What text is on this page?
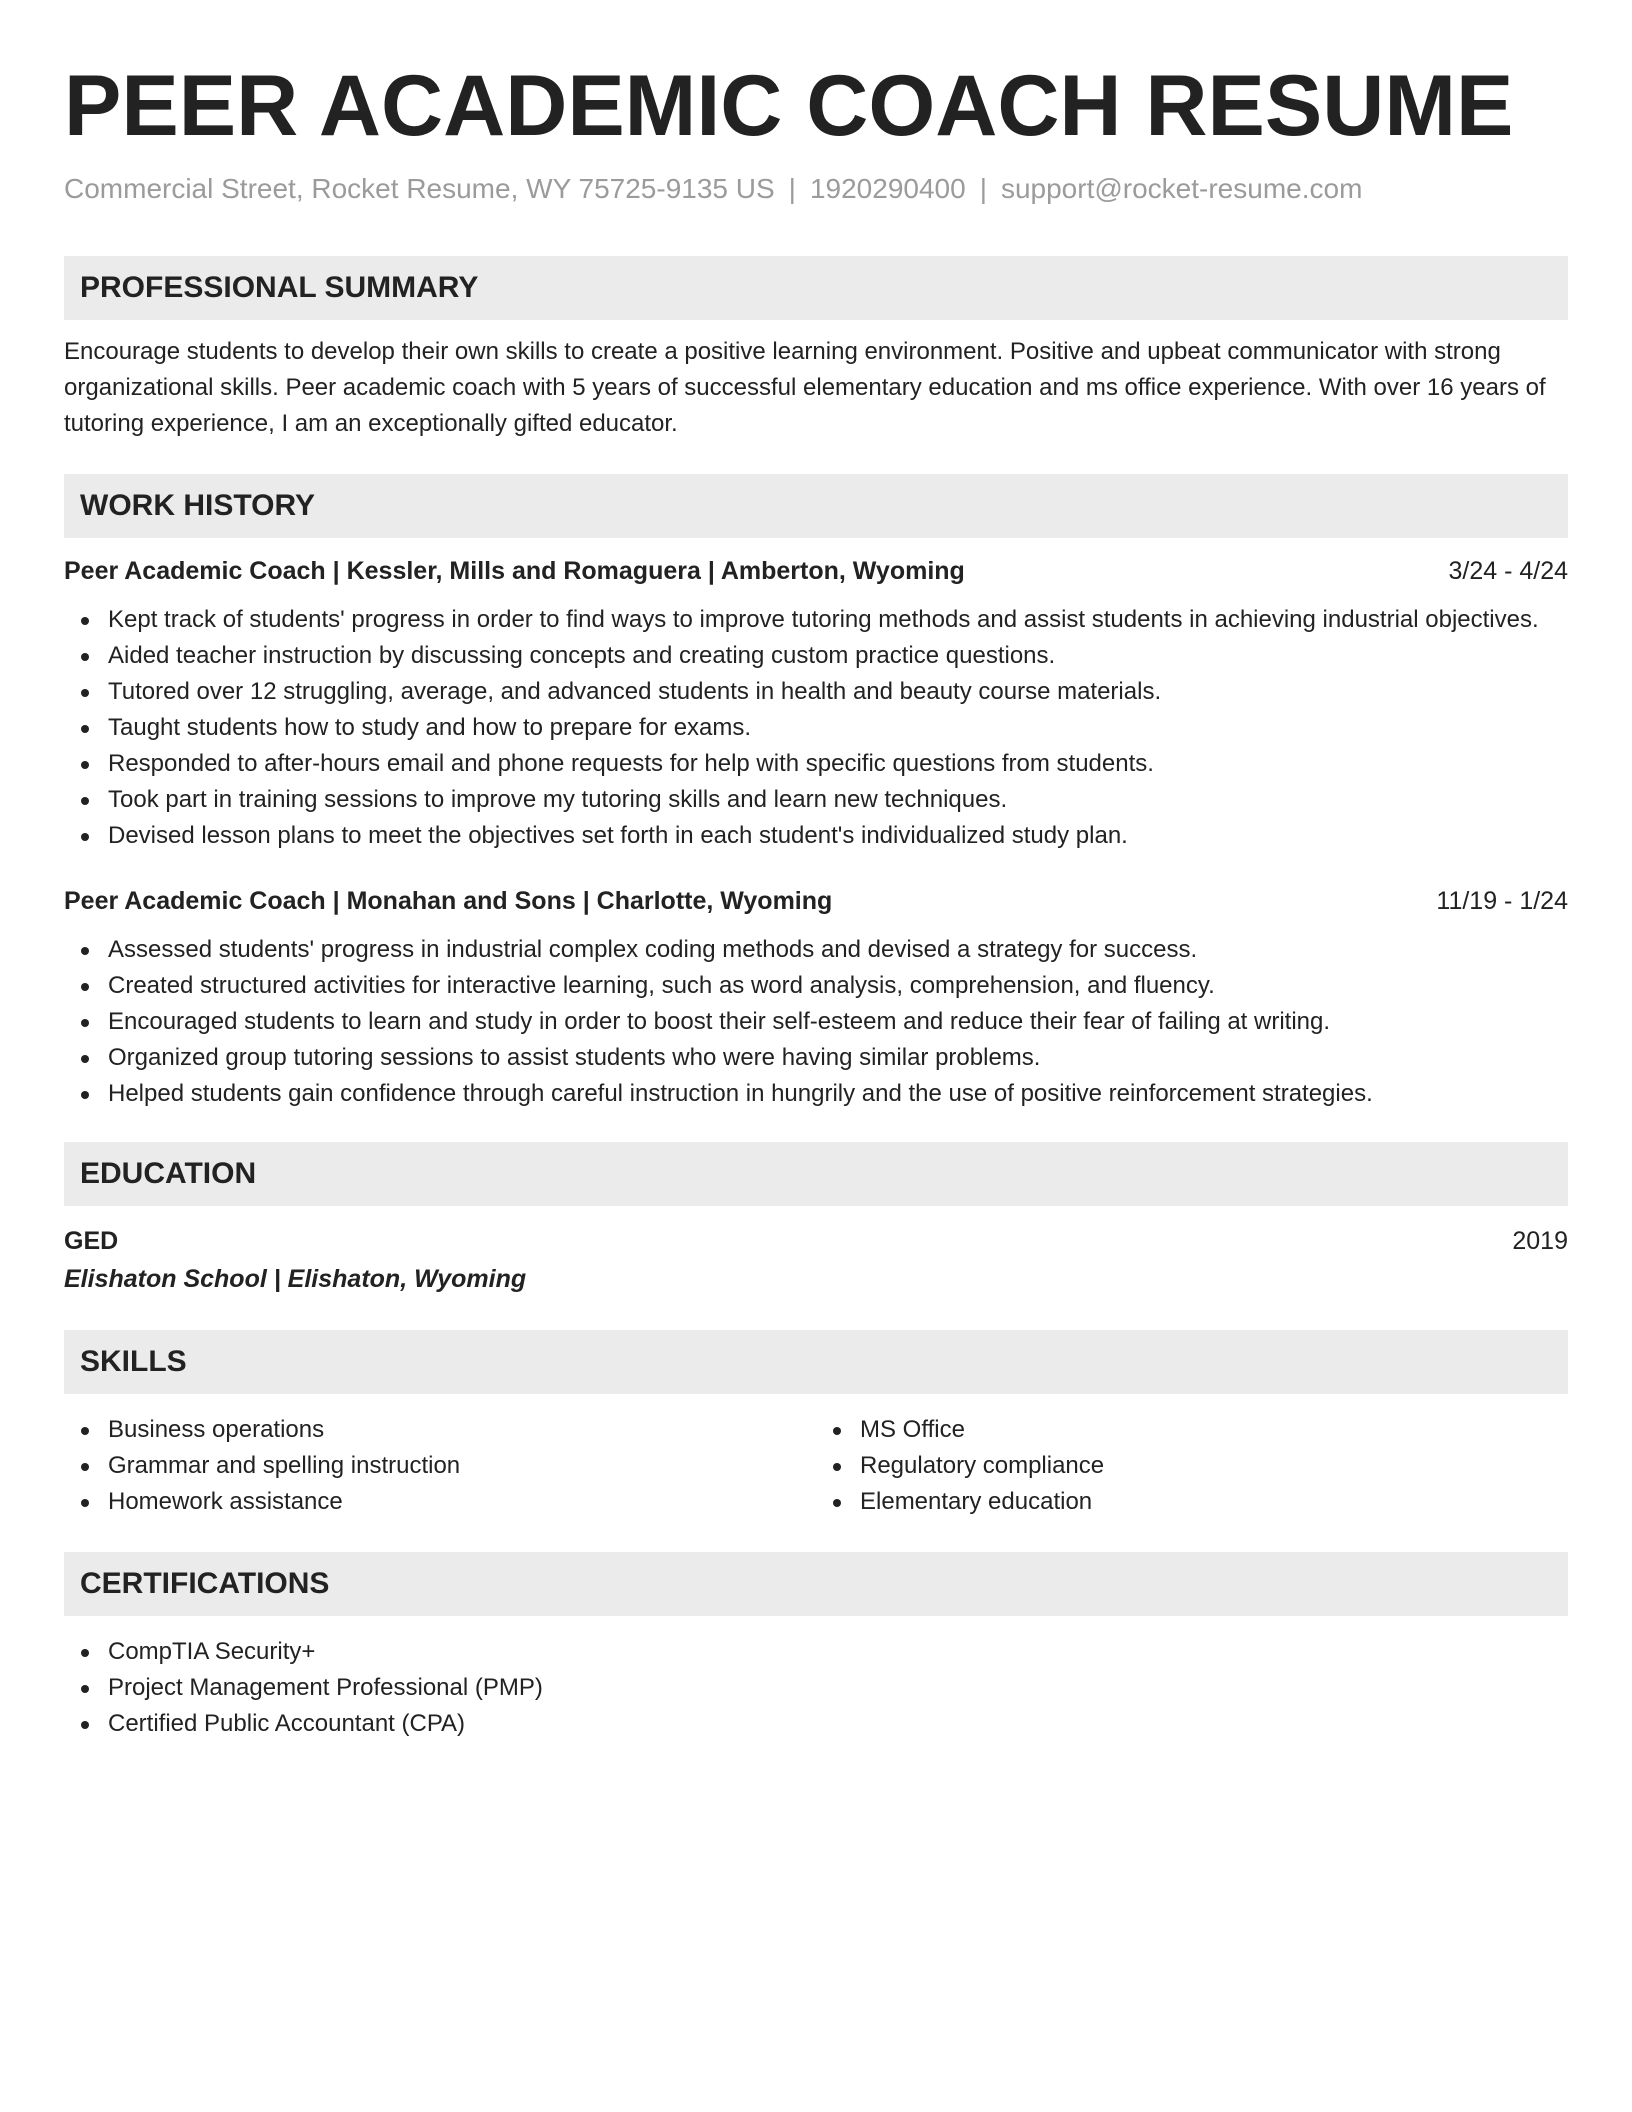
PEER ACADEMIC COACH RESUME
Commercial Street, Rocket Resume, WY 75725-9135 US | 1920290400 | support@rocket-resume.com
PROFESSIONAL SUMMARY

Encourage students to develop their own skills to create a positive learning environment. Positive and upbeat communicator with strong organizational skills. Peer academic coach with 5 years of successful elementary education and ms office experience. With over 16 years of tutoring experience, I am an exceptionally gifted educator.

WORK HISTORY
Peer Academic Coach | Kessler, Mills and Romaguera | Amberton, Wyoming	3/24 - 4/24
Kept track of students' progress in order to find ways to improve tutoring methods and assist students in achieving industrial objectives.
Aided teacher instruction by discussing concepts and creating custom practice questions.
Tutored over 12 struggling, average, and advanced students in health and beauty course materials.
Taught students how to study and how to prepare for exams.
Responded to after-hours email and phone requests for help with specific questions from students.
Took part in training sessions to improve my tutoring skills and learn new techniques.
Devised lesson plans to meet the objectives set forth in each student's individualized study plan.
Peer Academic Coach | Monahan and Sons | Charlotte, Wyoming	11/19 - 1/24
Assessed students' progress in industrial complex coding methods and devised a strategy for success.
Created structured activities for interactive learning, such as word analysis, comprehension, and fluency.
Encouraged students to learn and study in order to boost their self-esteem and reduce their fear of failing at writing.
Organized group tutoring sessions to assist students who were having similar problems.
Helped students gain confidence through careful instruction in hungrily and the use of positive reinforcement strategies.
EDUCATION
GED	2019
Elishaton School | Elishaton, Wyoming
SKILLS
Business operations
Grammar and spelling instruction
Homework assistance
MS Office
Regulatory compliance
Elementary education
CERTIFICATIONS
CompTIA Security+
Project Management Professional (PMP)
Certified Public Accountant (CPA)
